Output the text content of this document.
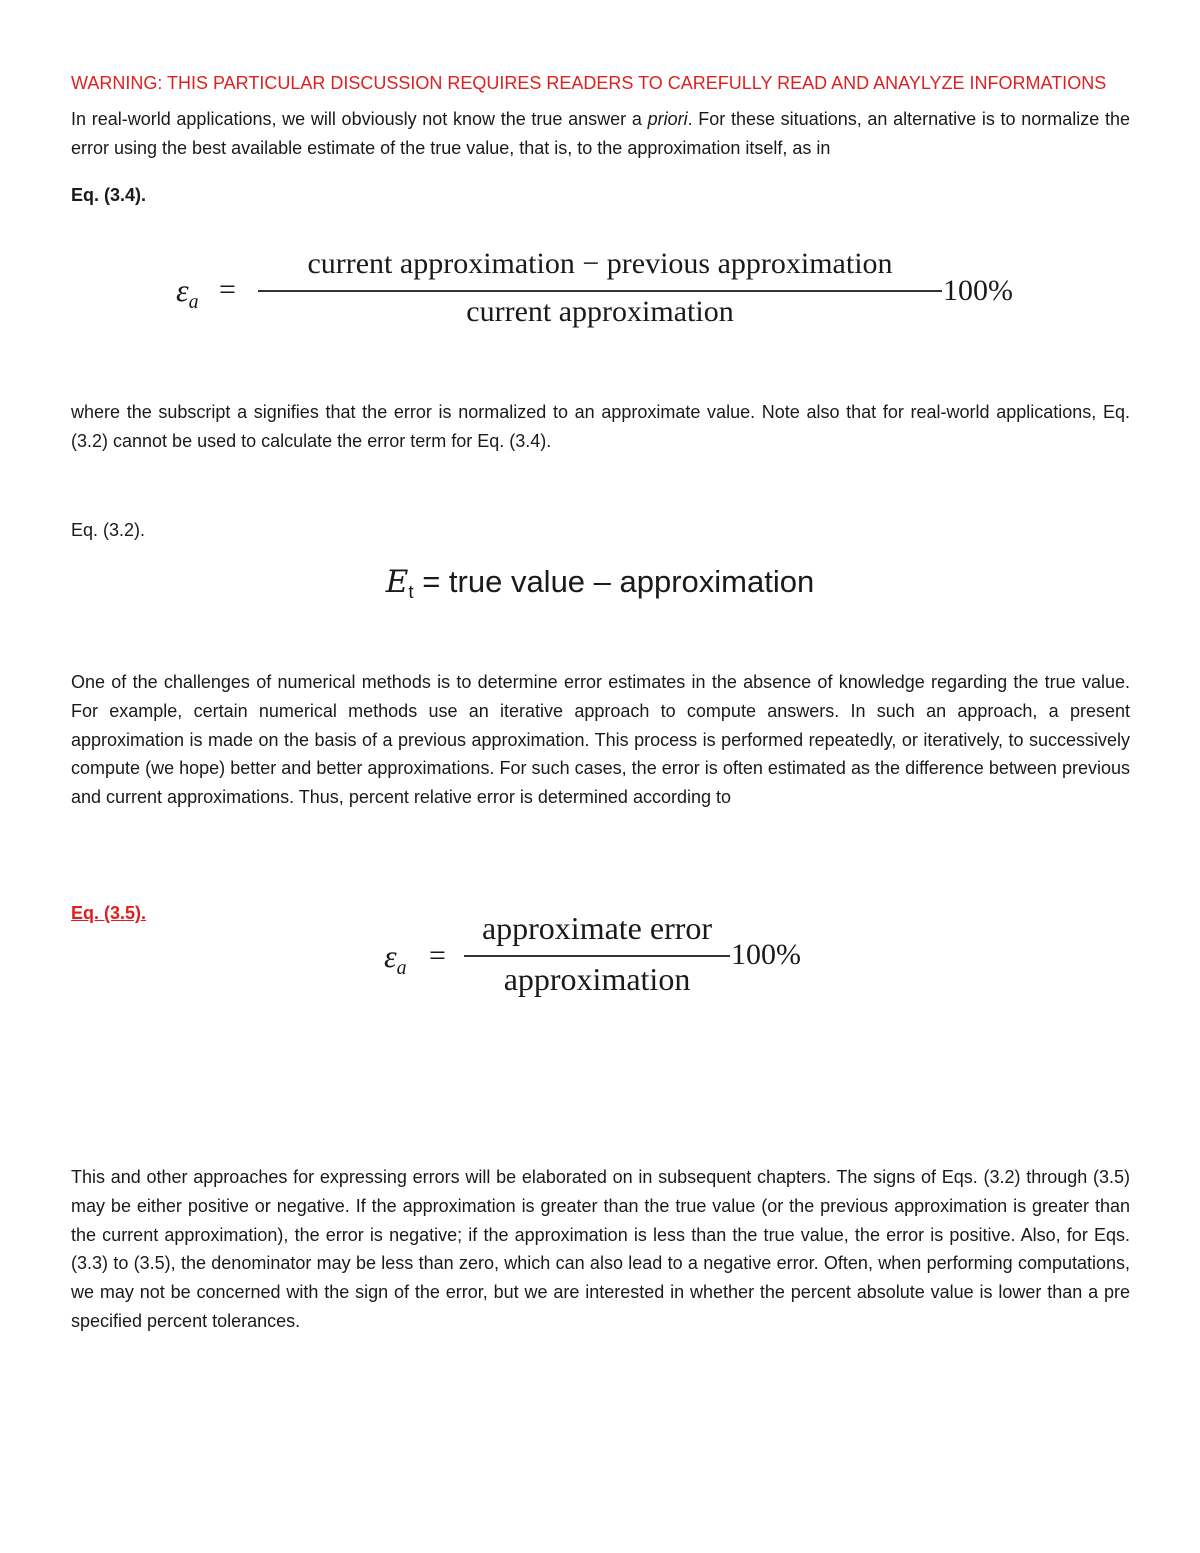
WARNING: THIS PARTICULAR DISCUSSION REQUIRES READERS TO CAREFULLY READ AND ANAYLYZE INFORMATIONS

In real-world applications, we will obviously not know the true answer a priori. For these situations, an alternative is to normalize the error using the best available estimate of the true value, that is, to the approximation itself, as in

Eq. (3.4).
$\varepsilon_a$ =
current approximation − previous approximation
current approximation
100%

where the subscript a signifies that the error is normalized to an approximate value. Note also that for real-world applications, Eq. (3.2) cannot be used to calculate the error term for Eq. (3.4).

Eq. (3.2).
Et = true value – approximation

One of the challenges of numerical methods is to determine error estimates in the absence of knowledge regarding the true value. For example, certain numerical methods use an iterative approach to compute answers. In such an approach, a present approximation is made on the basis of a previous approximation. This process is performed repeatedly, or iteratively, to successively compute (we hope) better and better approximations. For such cases, the error is often estimated as the difference between previous and current approximations. Thus, percent relative error is determined according to

Eq. (3.5).
$\varepsilon_a$ =
approximate error
approximation
100%

This and other approaches for expressing errors will be elaborated on in subsequent chapters. The signs of Eqs. (3.2) through (3.5) may be either positive or negative. If the approximation is greater than the true value (or the previous approximation is greater than the current approximation), the error is negative; if the approximation is less than the true value, the error is positive. Also, for Eqs. (3.3) to (3.5), the denominator may be less than zero, which can also lead to a negative error. Often, when performing computations, we may not be concerned with the sign of the error, but we are interested in whether the percent absolute value is lower than a pre specified percent tolerances.
